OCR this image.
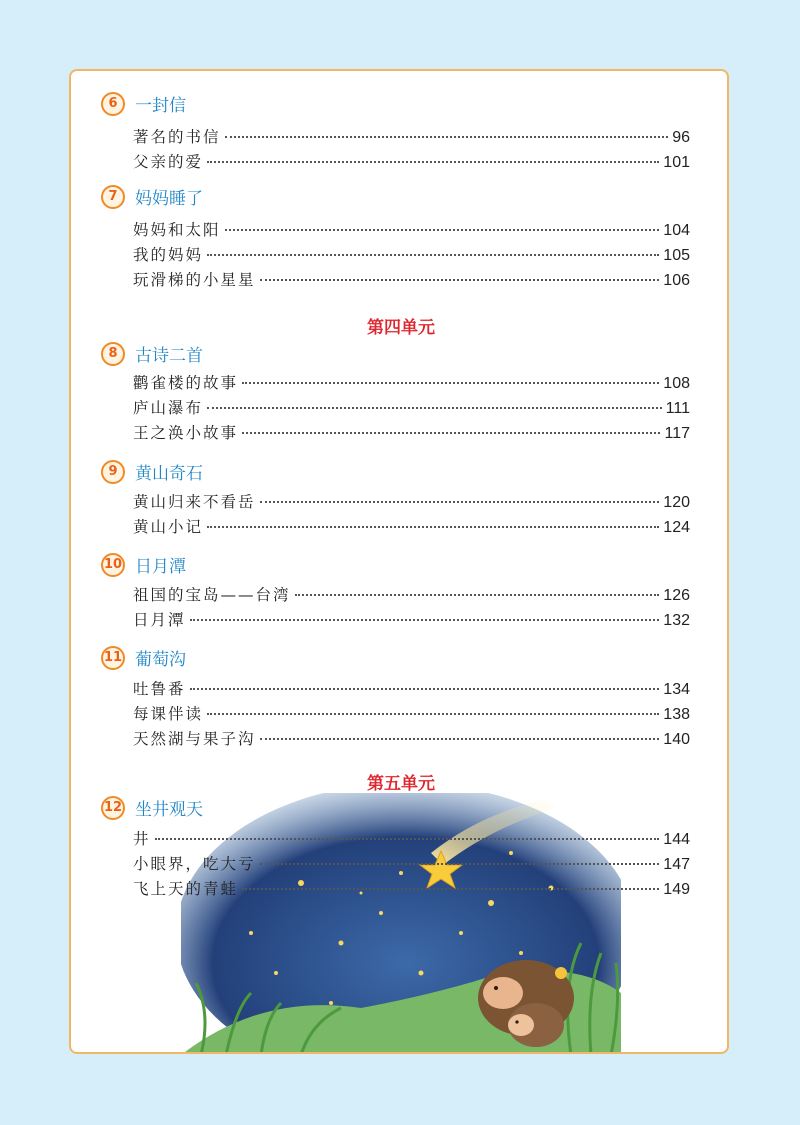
6	一封信
著名的书信	96
父亲的爱	101
7	妈妈睡了
妈妈和太阳	104
我的妈妈	105
玩滑梯的小星星	106
第四单元
8	古诗二首
鹳雀楼的故事	108
庐山瀑布	111
王之涣小故事	117
9	黄山奇石
黄山归来不看岳	120
黄山小记	124
10 日月潭
祖国的宝岛——台湾	126
日月潭	132
11 葡萄沟
吐鲁番	134
每课伴读	138
天然湖与果子沟	140
第五单元
12 坐井观天
井	144
小眼界，吃大亏	147
飞上天的青蛙	149
